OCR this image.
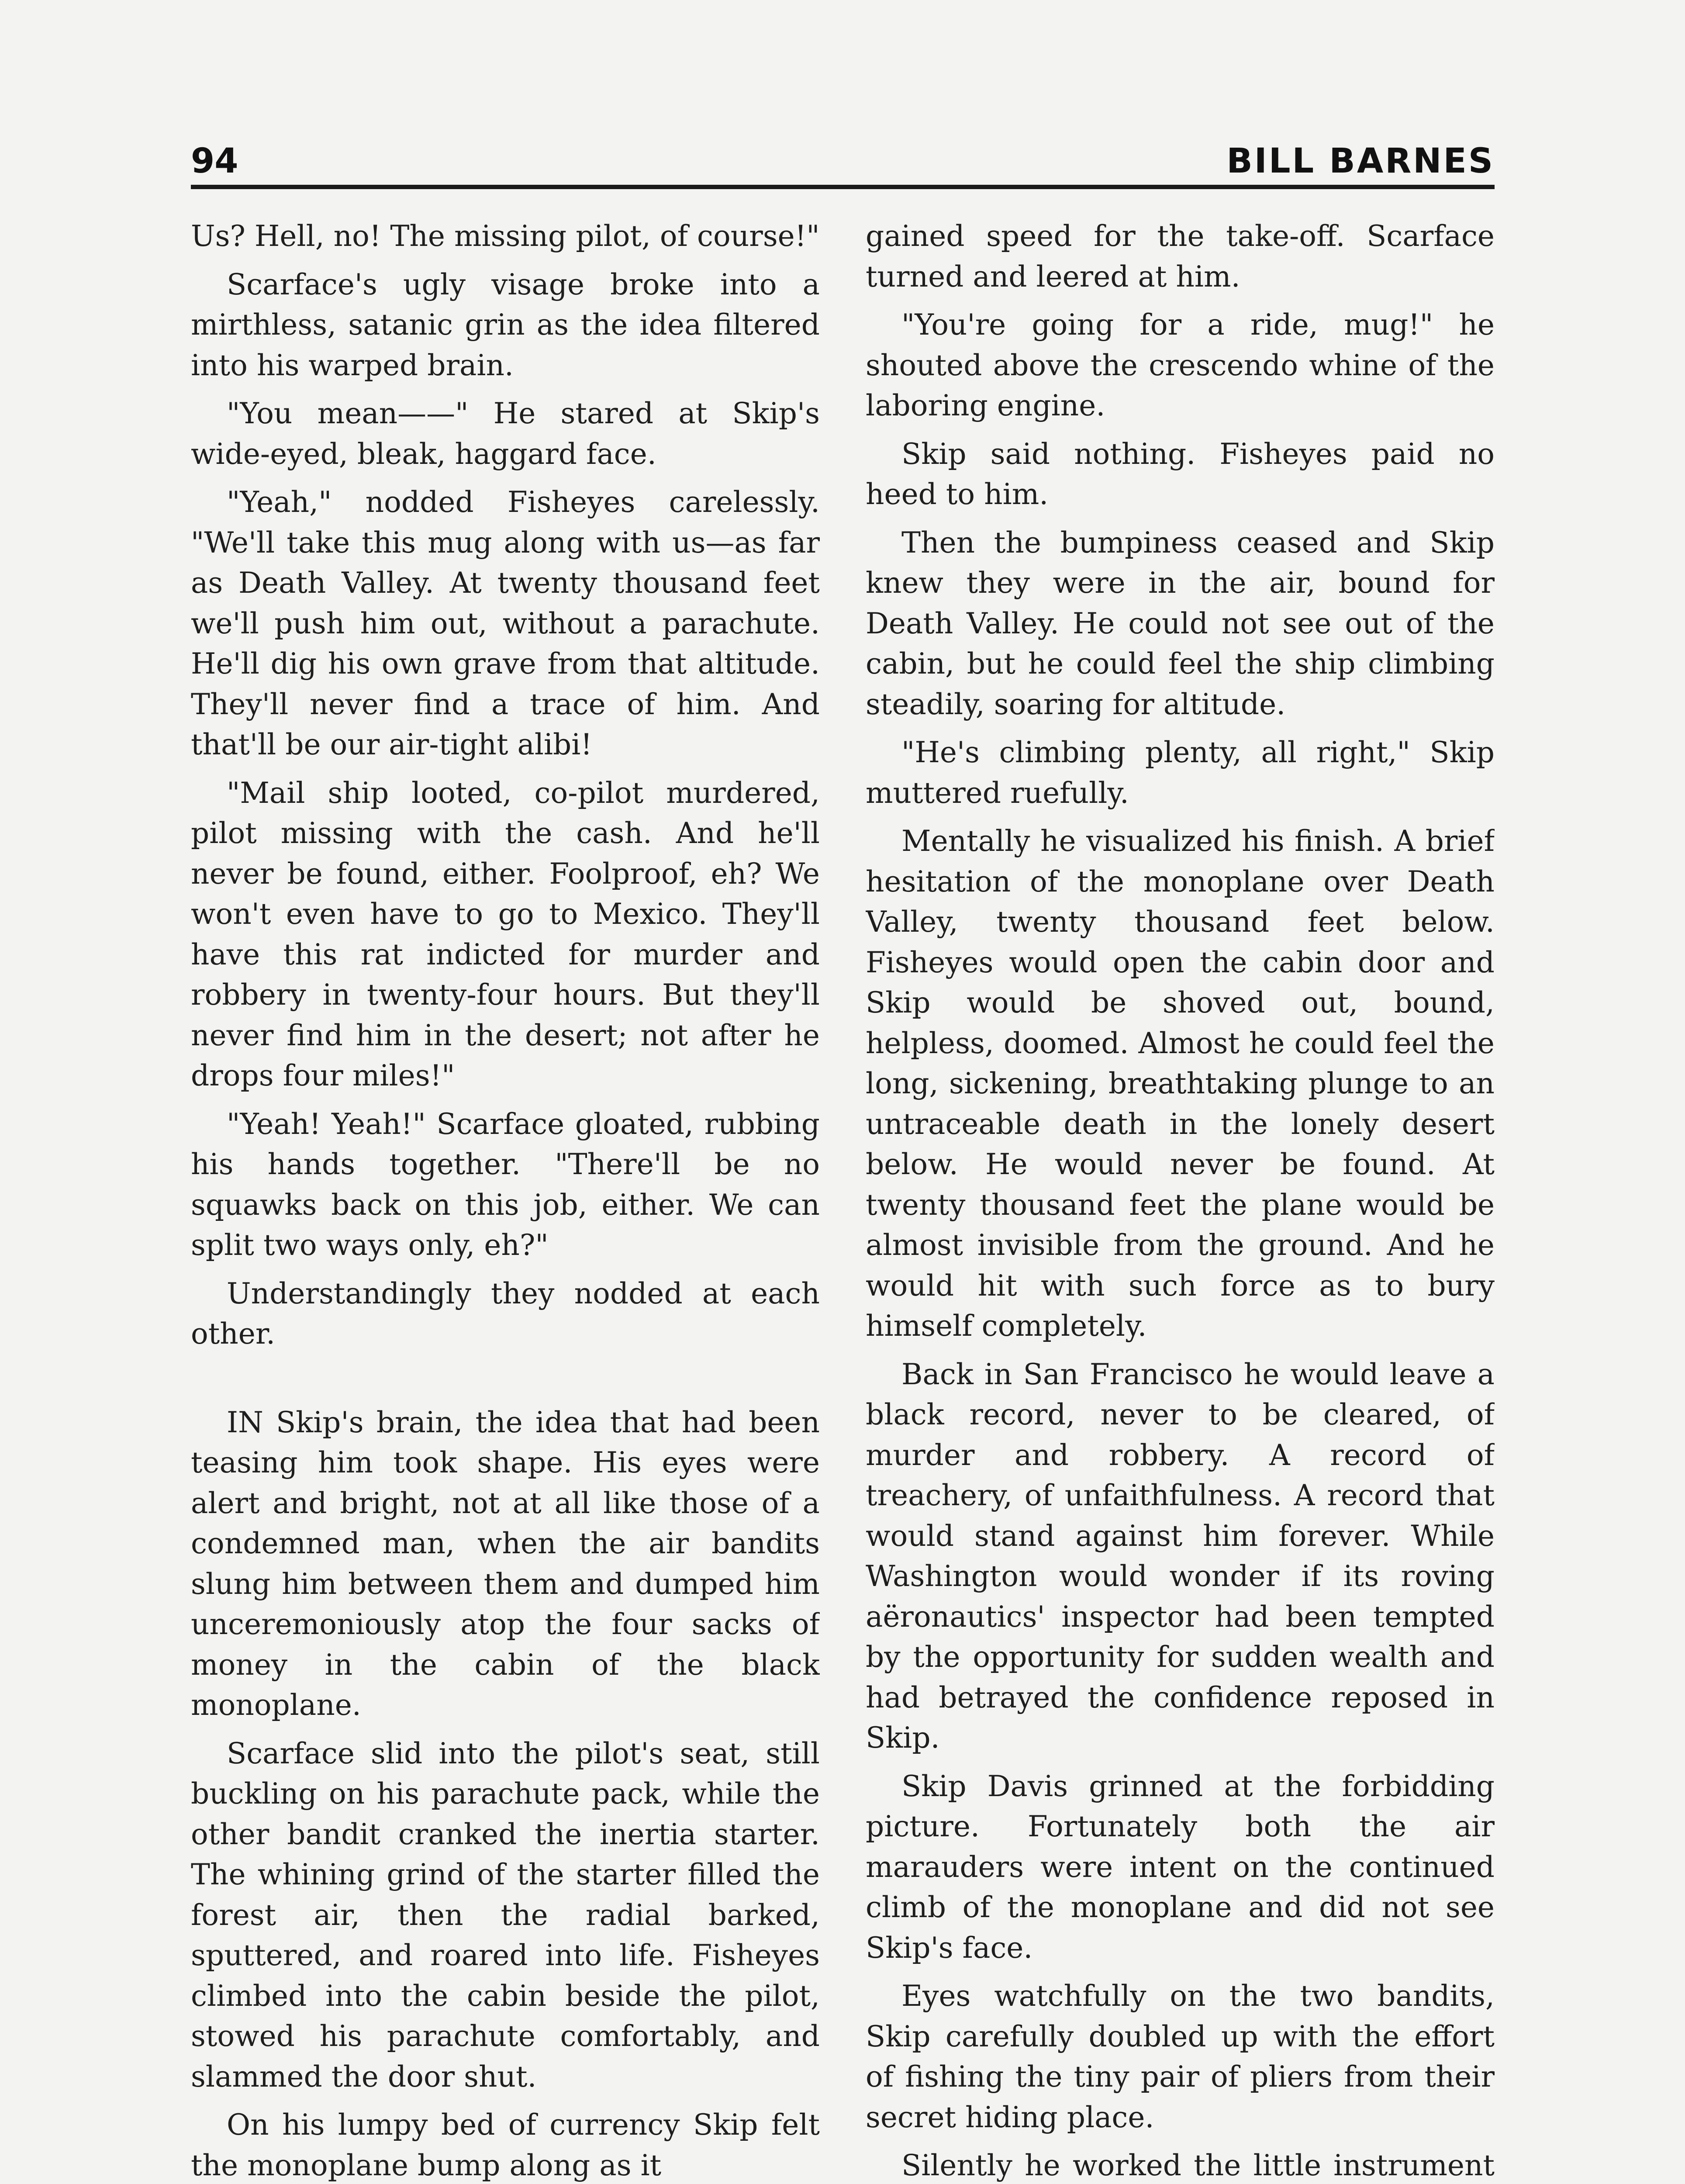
94	BILL BARNES

Us? Hell, no! The missing pilot, of course!"

Scarface's ugly visage broke into a mirthless, satanic grin as the idea filtered into his warped brain.

"You mean——" He stared at Skip's wide-eyed, bleak, haggard face.

"Yeah," nodded Fisheyes carelessly. "We'll take this mug along with us—as far as Death Valley. At twenty thousand feet we'll push him out, without a parachute. He'll dig his own grave from that altitude. They'll never find a trace of him. And that'll be our air-tight alibi!

"Mail ship looted, co-pilot murdered, pilot missing with the cash. And he'll never be found, either. Foolproof, eh? We won't even have to go to Mexico. They'll have this rat indicted for murder and robbery in twenty-four hours. But they'll never find him in the desert; not after he drops four miles!"

"Yeah! Yeah!" Scarface gloated, rubbing his hands together. "There'll be no squawks back on this job, either. We can split two ways only, eh?"

Understandingly they nodded at each other.

IN Skip's brain, the idea that had been teasing him took shape. His eyes were alert and bright, not at all like those of a condemned man, when the air bandits slung him between them and dumped him unceremoniously atop the four sacks of money in the cabin of the black monoplane.

Scarface slid into the pilot's seat, still buckling on his parachute pack, while the other bandit cranked the inertia starter. The whining grind of the starter filled the forest air, then the radial barked, sputtered, and roared into life. Fisheyes climbed into the cabin beside the pilot, stowed his parachute comfortably, and slammed the door shut.

On his lumpy bed of currency Skip felt the monoplane bump along as it

gained speed for the take-off. Scarface turned and leered at him.

"You're going for a ride, mug!" he shouted above the crescendo whine of the laboring engine.

Skip said nothing. Fisheyes paid no heed to him.

Then the bumpiness ceased and Skip knew they were in the air, bound for Death Valley. He could not see out of the cabin, but he could feel the ship climbing steadily, soaring for altitude.

"He's climbing plenty, all right," Skip muttered ruefully.

Mentally he visualized his finish. A brief hesitation of the monoplane over Death Valley, twenty thousand feet below. Fisheyes would open the cabin door and Skip would be shoved out, bound, helpless, doomed. Almost he could feel the long, sickening, breathtaking plunge to an untraceable death in the lonely desert below. He would never be found. At twenty thousand feet the plane would be almost invisible from the ground. And he would hit with such force as to bury himself completely.

Back in San Francisco he would leave a black record, never to be cleared, of murder and robbery. A record of treachery, of unfaithfulness. A record that would stand against him forever. While Washington would wonder if its roving aëronautics' inspector had been tempted by the opportunity for sudden wealth and had betrayed the confidence reposed in Skip.

Skip Davis grinned at the forbidding picture. Fortunately both the air marauders were intent on the continued climb of the monoplane and did not see Skip's face.

Eyes watchfully on the two bandits, Skip carefully doubled up with the effort of fishing the tiny pair of pliers from their secret hiding place.

Silently he worked the little instrument
